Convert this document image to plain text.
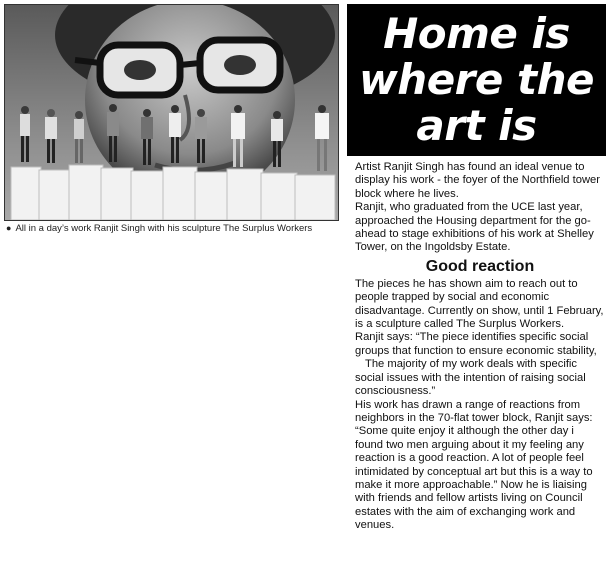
● All in a day’s work Ranjit Singh with his sculpture The Surplus Workers
Home is
where the
art is

Artist Ranjit Singh has found an ideal venue to display his work - the foyer of the Northfield tower block where he lives.

Ranjit, who graduated from the UCE last year, approached the Housing department for the go-ahead to stage exhibitions of his work at Shelley Tower, on the Ingoldsby Estate.

Good reaction

The pieces he has shown aim to reach out to people trapped by social and economic disadvantage. Currently on show, until 1 February, is a sculpture called The Surplus Workers.

Ranjit says: “The piece identifies specific social groups that function to ensure economic stability,

The majority of my work deals with specific social issues with the intention of raising social consciousness.”

His work has drawn a range of reactions from neighbors in the 70-flat tower block, Ranjit says: “Some quite enjoy it although the other day i found two men arguing about it my feeling any reaction is a good reaction. A lot of people feel intimidated by conceptual art but this is a way to make it more approachable.” Now he is liaising with friends and fellow artists living on Council estates with the aim of exchanging work and venues.
